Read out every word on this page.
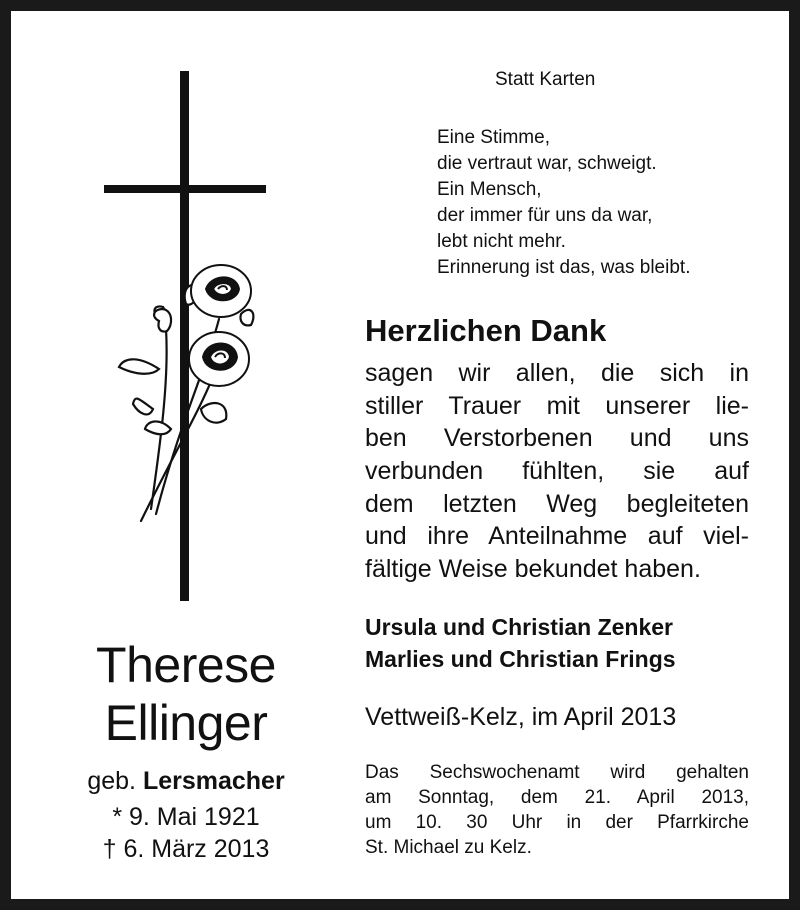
Therese
Ellinger
geb. Lersmacher
* 9. Mai 1921
† 6. März 2013
Statt Karten
Eine Stimme,
die vertraut war, schweigt.
Ein Mensch,
der immer für uns da war,
lebt nicht mehr.
Erinnerung ist das, was bleibt.
Herzlichen Dank
sagen wir allen, die sich in
stiller Trauer mit unserer lie-
ben Verstorbenen und uns
verbunden fühlten, sie auf
dem letzten Weg begleiteten
und ihre Anteilnahme auf viel-
fältige Weise bekundet haben.
Ursula und Christian Zenker
Marlies und Christian Frings
Vettweiß-Kelz, im April 2013
Das Sechswochenamt wird gehalten
am Sonntag, dem 21. April 2013,
um 10. 30 Uhr in der Pfarrkirche
St. Michael zu Kelz.
